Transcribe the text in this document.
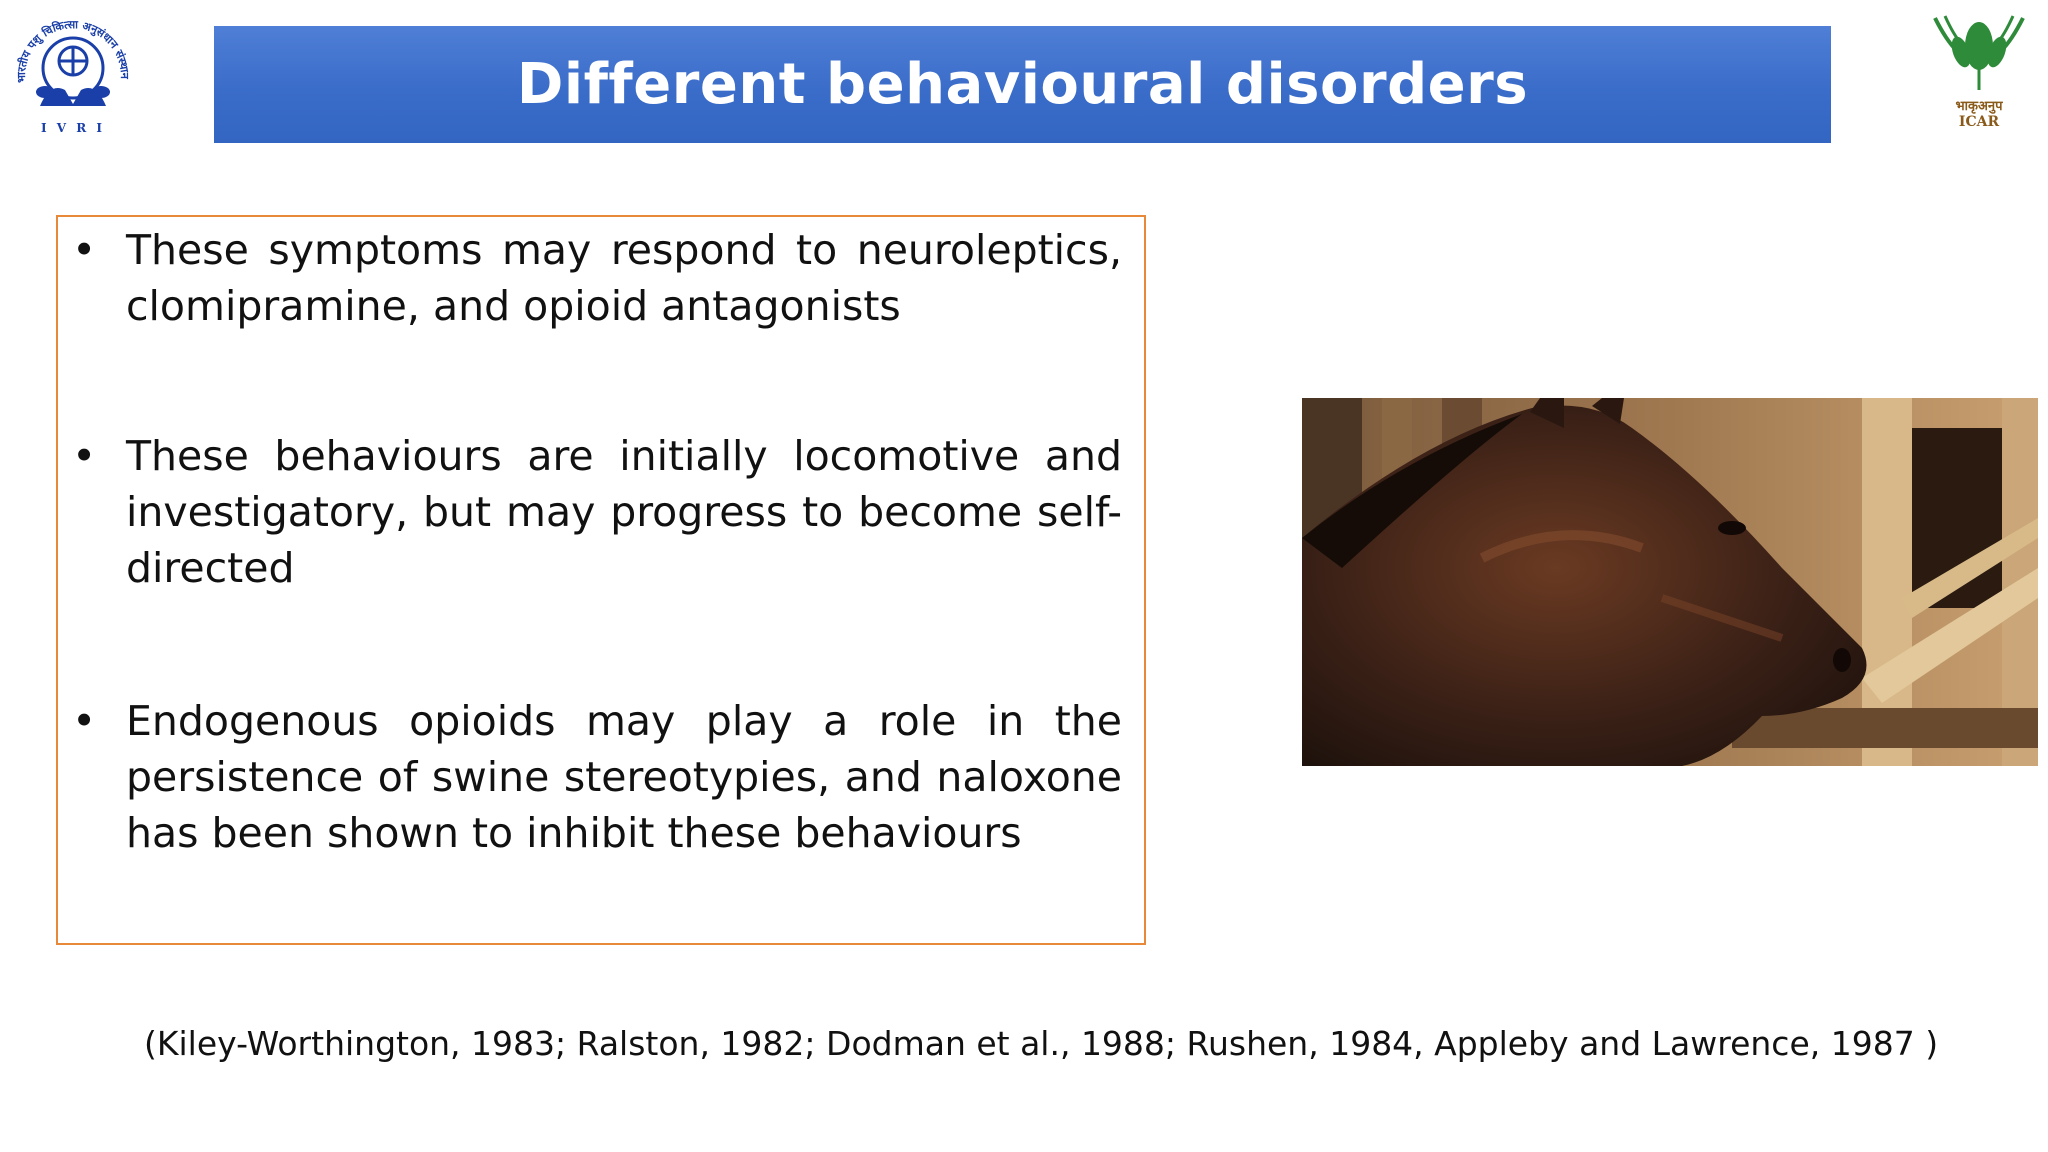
भारतीय पशु चिकित्सा अनुसंधान संस्थान
I V R I
Different behavioural disorders	भाकृअनुप
ICAR
• These symptoms may respond to neuroleptics, clomipramine, and opioid antagonists
• These behaviours are initially locomotive and investigatory, but may progress to become self-directed
• Endogenous opioids may play a role in the persistence of swine stereotypies, and naloxone has been shown to inhibit these behaviours
(Kiley-Worthington, 1983; Ralston, 1982; Dodman et al., 1988; Rushen, 1984, Appleby and Lawrence, 1987 )
